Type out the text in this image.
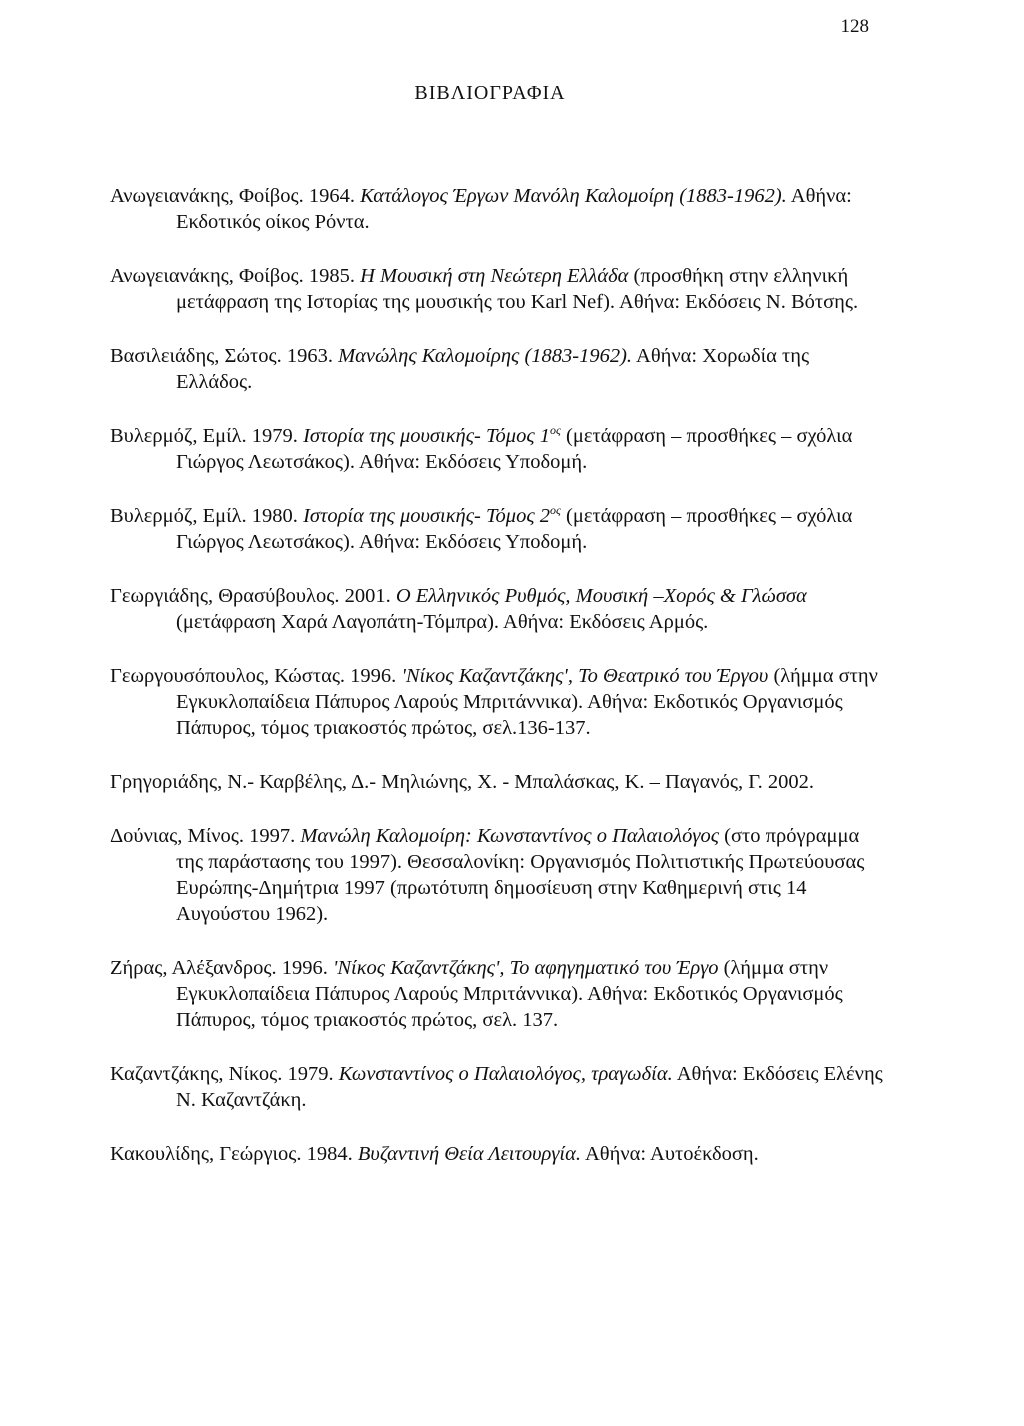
128
ΒΙΒΛΙΟΓΡΑΦΙΑ

Ανωγειανάκης, Φοίβος. 1964. Κατάλογος Έργων Μανόλη Καλομοίρη (1883-1962). Αθήνα: Εκδοτικός οίκος Ρόντα.

Ανωγειανάκης, Φοίβος. 1985. Η Μουσική στη Νεώτερη Ελλάδα (προσθήκη στην ελληνική μετάφραση της Ιστορίας της μουσικής του Karl Nef). Αθήνα: Εκδόσεις Ν. Βότσης.

Βασιλειάδης, Σώτος. 1963. Μανώλης Καλομοίρης (1883-1962). Αθήνα: Χορωδία της Ελλάδος.

Βυλερμόζ, Εμίλ. 1979. Ιστορία της μουσικής- Τόμος $1^{o\varsigma}$ (μετάφραση – προσθήκες – σχόλια Γιώργος Λεωτσάκος). Αθήνα: Εκδόσεις Υποδομή.

Βυλερμόζ, Εμίλ. 1980. Ιστορία της μουσικής- Τόμος $2^{o\varsigma}$ (μετάφραση – προσθήκες – σχόλια Γιώργος Λεωτσάκος). Αθήνα: Εκδόσεις Υποδομή.

Γεωργιάδης, Θρασύβουλος. 2001. Ο Ελληνικός Ρυθμός, Μουσική –Χορός & Γλώσσα (μετάφραση Χαρά Λαγοπάτη-Τόμπρα). Αθήνα: Εκδόσεις Αρμός.

Γεωργουσόπουλος, Κώστας. 1996. 'Νίκος Καζαντζάκης', Το Θεατρικό του Έργου (λήμμα στην Εγκυκλοπαίδεια Πάπυρος Λαρούς Μπριτάννικα). Αθήνα: Εκδοτικός Οργανισμός Πάπυρος, τόμος τριακοστός πρώτος, σελ.136-137.

Γρηγοριάδης, Ν.- Καρβέλης, Δ.- Μηλιώνης, Χ. - Μπαλάσκας, Κ. – Παγανός, Γ. 2002.

Δούνιας, Μίνος. 1997. Μανώλη Καλομοίρη: Κωνσταντίνος ο Παλαιολόγος (στο πρόγραμμα της παράστασης του 1997). Θεσσαλονίκη: Οργανισμός Πολιτιστικής Πρωτεύουσας Ευρώπης-Δημήτρια 1997 (πρωτότυπη δημοσίευση στην Καθημερινή στις 14 Αυγούστου 1962).

Ζήρας, Αλέξανδρος. 1996. 'Νίκος Καζαντζάκης', Το αφηγηματικό του Έργο (λήμμα στην Εγκυκλοπαίδεια Πάπυρος Λαρούς Μπριτάννικα). Αθήνα: Εκδοτικός Οργανισμός Πάπυρος, τόμος τριακοστός πρώτος, σελ. 137.

Καζαντζάκης, Νίκος. 1979. Κωνσταντίνος ο Παλαιολόγος, τραγωδία. Αθήνα: Εκδόσεις Ελένης Ν. Καζαντζάκη.

Κακουλίδης, Γεώργιος. 1984. Βυζαντινή Θεία Λειτουργία. Αθήνα: Αυτοέκδοση.
